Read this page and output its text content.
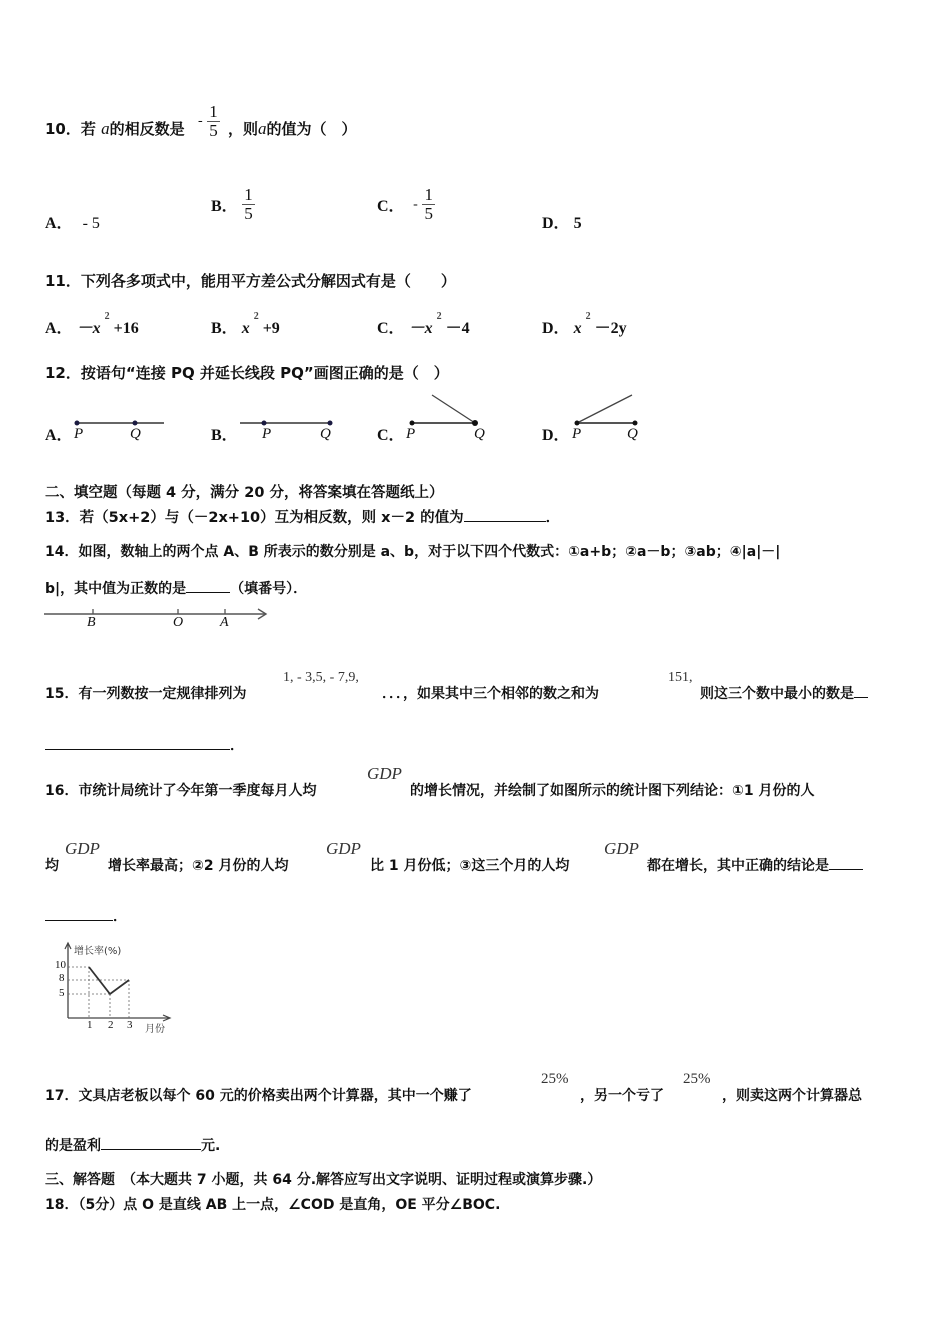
10．若 a的相反数是 - $\frac{1}{5}$ ，则a的值为（　）
A． - 5
B． $\frac{1}{5}$	C． - $\frac{1}{5}$
D． 5
11．下列各多项式中，能用平方差公式分解因式有是（　　）
A． $-x^2+16$	B． $x^2+9$	C． $-x^2-4$	D． $x^2-2y$
12．按语句“连接 PQ 并延长线段 PQ”画图正确的是（　）
A． P	Q	B． P	Q	C． P	Q	D． P	Q
二、填空题（每题 4 分，满分 20 分，将答案填在答题纸上）
13．若（5x+2）与（－2x+10）互为相反数，则 x－2 的值为	．
14．如图，数轴上的两个点 A、B 所表示的数分别是 a、b，对于以下四个代数式：①a+b；②a－b；③ab；④|a|－|
b|，其中值为正数的是	（填番号）．
B	O	A
15．有一列数按一定规律排列为
1, - 3,5, - 7,9,
．．．，如果其中三个相邻的数之和为
151,
则这三个数中最小的数是
．
16．市统计局统计了今年第一季度每月人均
GDP
的增长情况，并绘制了如图所示的统计图下列结论：①1 月份的人
均
GDP
增长率最高；②2 月份的人均
GDP
比 1 月份低；③这三个月的人均
GDP
都在增长，其中正确的结论是
．
增长率(%)
10
8
5
1 2 3 月份
17．文具店老板以每个 60 元的价格卖出两个计算器，其中一个赚了
25%
，另一个亏了
25%
，则卖这两个计算器总
的是盈利	元.
三、解答题　（本大题共 7 小题，共 64 分.解答应写出文字说明、证明过程或演算步骤.）
18．（5分）点 O 是直线 AB 上一点，∠COD 是直角，OE 平分∠BOC.
